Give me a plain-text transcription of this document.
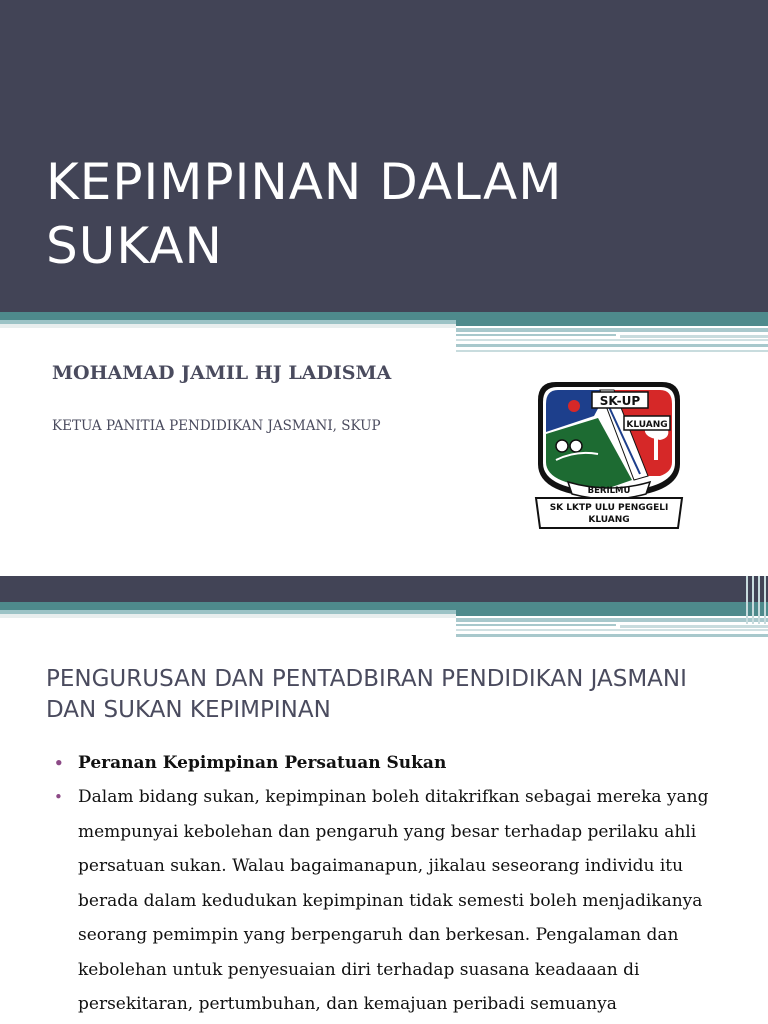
KEPIMPINAN DALAM SUKAN

MOHAMAD JAMIL HJ LADISMA

KETUA PANITIA PENDIDIKAN JASMANI, SKUP

SK-UP
KLUANG
BERILMU
SK LKTP ULU PENGGELI
KLUANG
PENGURUSAN DAN PENTADBIRAN PENDIDIKAN JASMANI DAN SUKAN KEPIMPINAN
• Peranan Kepimpinan Persatuan Sukan
• Dalam bidang sukan, kepimpinan boleh ditakrifkan sebagai mereka yang mempunyai kebolehan dan pengaruh yang besar terhadap perilaku ahli persatuan sukan. Walau bagaimanapun, jikalau seseorang individu itu berada dalam kedudukan kepimpinan tidak semesti boleh menjadikanya seorang pemimpin yang berpengaruh dan berkesan. Pengalaman dan kebolehan untuk penyesuaian diri terhadap suasana keadaaan di persekitaran, pertumbuhan, dan kemajuan peribadi semuanya
